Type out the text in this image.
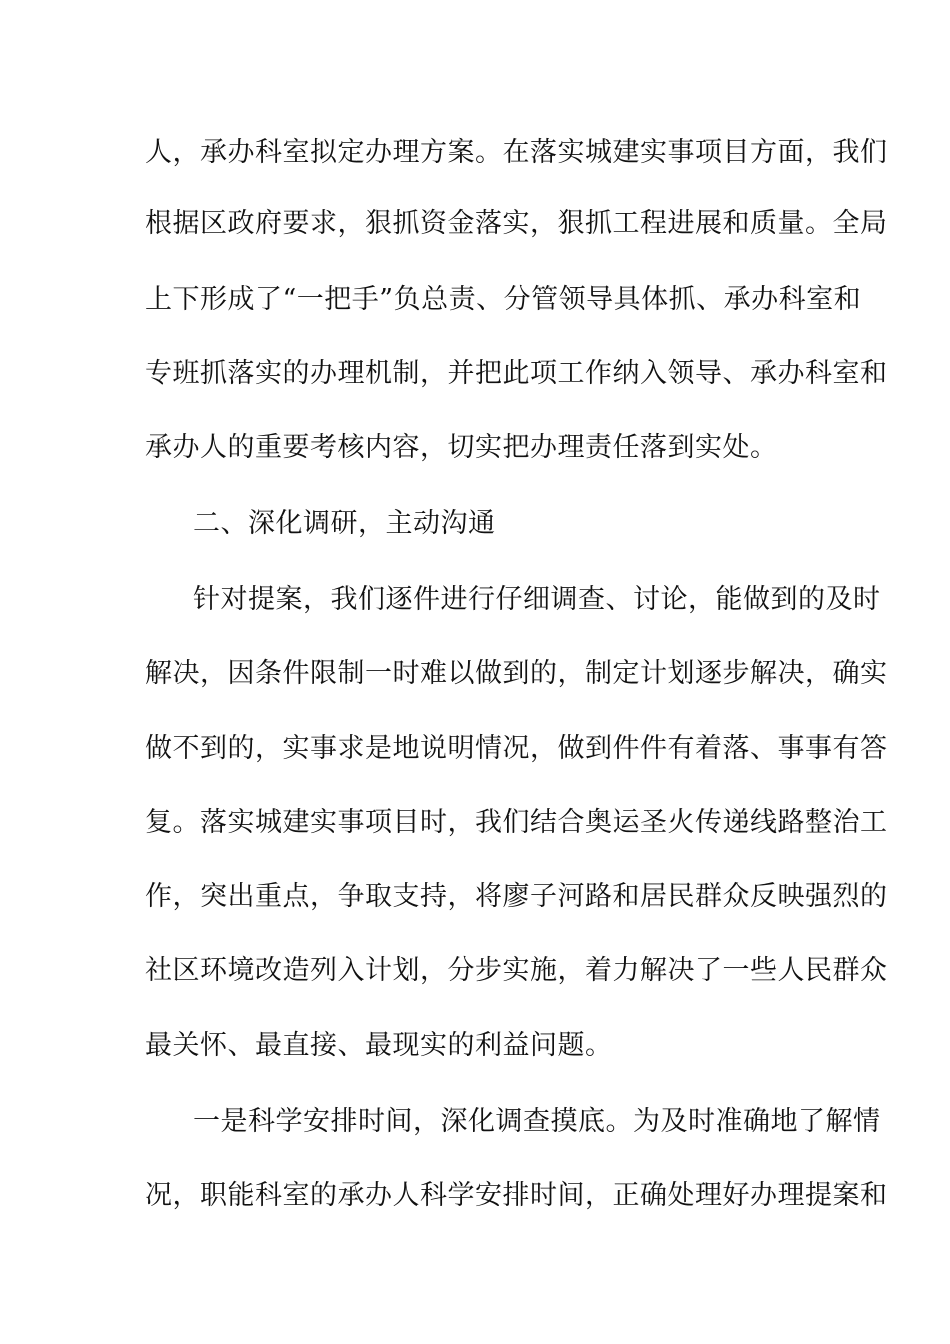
人，承办科室拟定办理方案。在落实城建实事项目方面，我们
根据区政府要求，狠抓资金落实，狠抓工程进展和质量。全局
上下形成了“一把手”负总责、分管领导具体抓、承办科室和
专班抓落实的办理机制，并把此项工作纳入领导、承办科室和
承办人的重要考核内容，切实把办理责任落到实处。
二、深化调研，主动沟通
针对提案，我们逐件进行仔细调查、讨论，能做到的及时
解决，因条件限制一时难以做到的，制定计划逐步解决，确实
做不到的，实事求是地说明情况，做到件件有着落、事事有答
复。落实城建实事项目时，我们结合奥运圣火传递线路整治工
作，突出重点，争取支持，将廖子河路和居民群众反映强烈的
社区环境改造列入计划，分步实施，着力解决了一些人民群众
最关怀、最直接、最现实的利益问题。
一是科学安排时间，深化调查摸底。为及时准确地了解情
况，职能科室的承办人科学安排时间，正确处理好办理提案和
